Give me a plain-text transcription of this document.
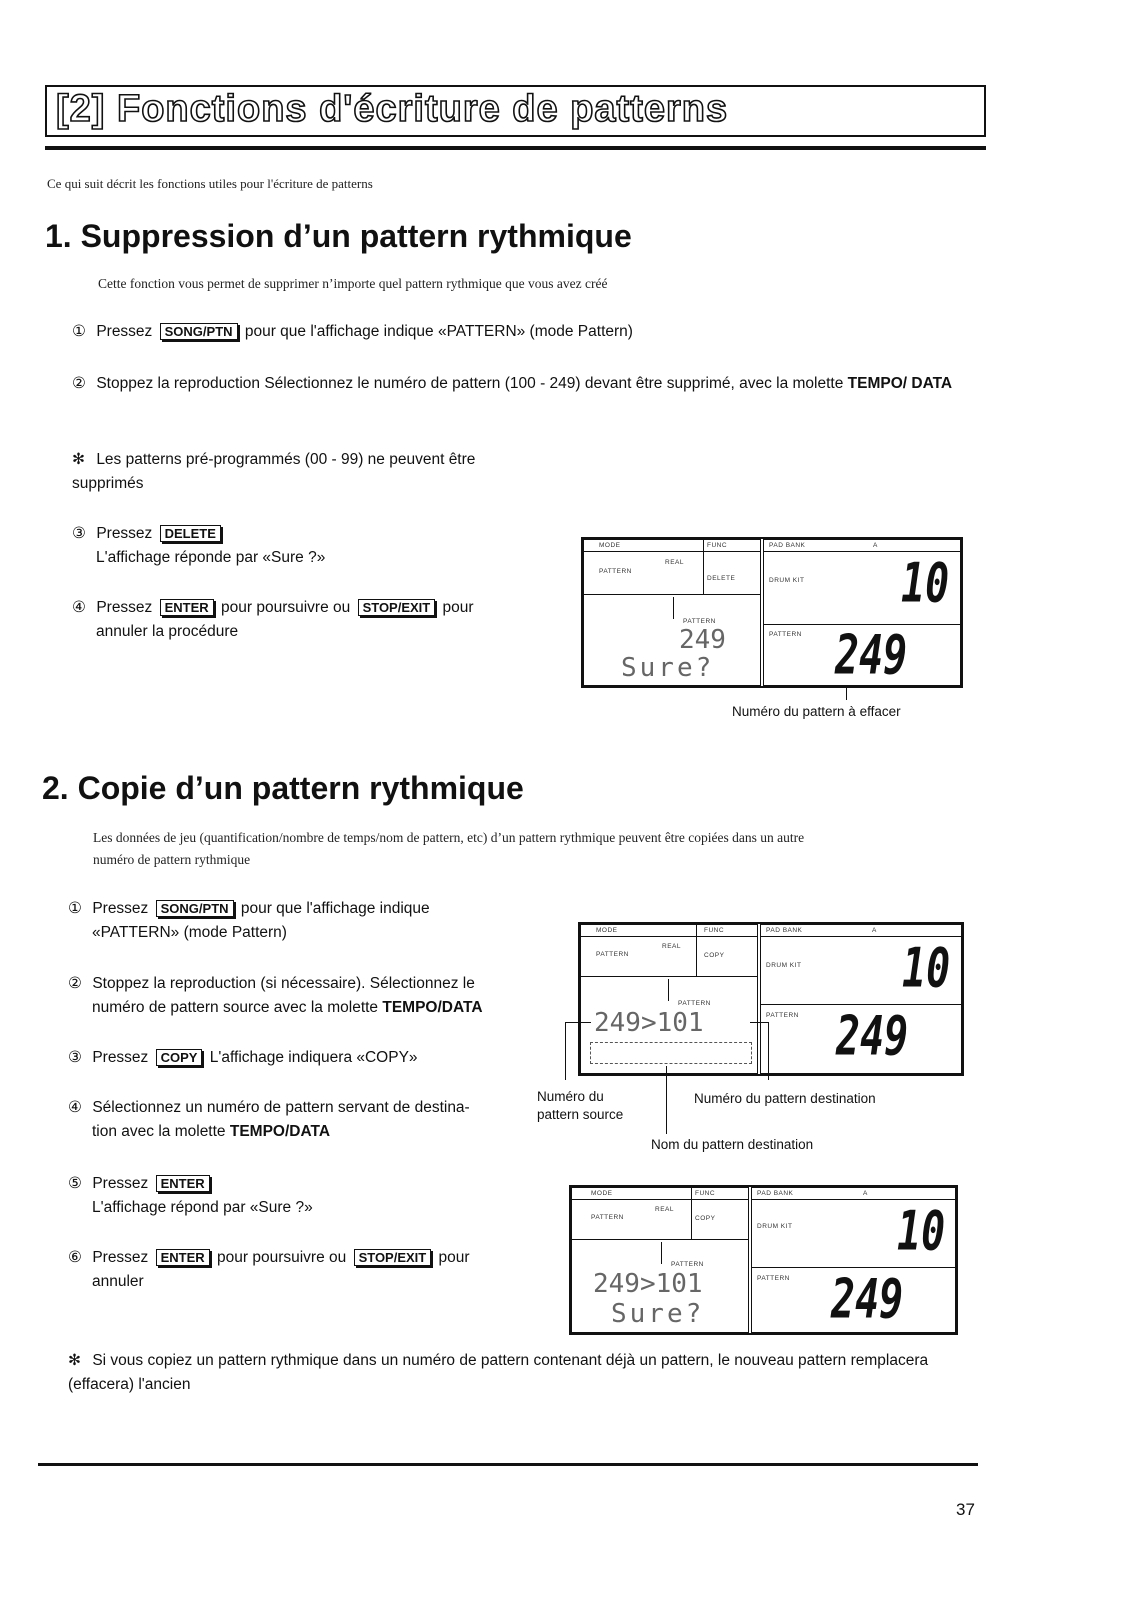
[2] Fonctions d'écriture de patterns
Ce qui suit décrit les fonctions utiles pour l'écriture de patterns
1. Suppression d’un pattern rythmique
Cette fonction vous permet de supprimer n’importe quel pattern rythmique que vous avez créé
① Pressez SONG/PTN pour que l'affichage indique «PATTERN» (mode Pattern)
② Stoppez la reproduction Sélectionnez le numéro de pattern (100 - 249) devant être supprimé, avec la molette TEMPO/ DATA
✻ Les patterns pré-programmés (00 - 99) ne peuvent être supprimés
③ Pressez DELETE
L'affichage réponde par «Sure ?»
④ Pressez ENTER pour poursuivre ou STOP/EXIT pour
annuler la procédure
MODE	FUNC
REAL
PATTERN
DELETE
PATTERN
249
Sure?
PAD BANK	A
DRUM KIT 10
PATTERN 249
Numéro du pattern à effacer
2. Copie d’un pattern rythmique
Les données de jeu (quantification/nombre de temps/nom de pattern, etc) d’un pattern rythmique peuvent être copiées dans un autre
numéro de pattern rythmique
① Pressez SONG/PTN pour que l'affichage indique
«PATTERN» (mode Pattern)
② Stoppez la reproduction (si nécessaire). Sélectionnez le
numéro de pattern source avec la molette TEMPO/DATA
③ Pressez COPY L'affichage indiquera «COPY»
④ Sélectionnez un numéro de pattern servant de destina-
tion avec la molette TEMPO/DATA
⑤ Pressez ENTER
L'affichage répond par «Sure ?»
⑥ Pressez ENTER pour poursuivre ou STOP/EXIT pour
annuler
MODE	FUNC
REAL
PATTERN	COPY
PATTERN
249>101
PAD BANK	A
DRUM KIT	10
PATTERN 249
Numéro du pattern source
Numéro du pattern destination
Nom du pattern destination
MODE	FUNC
REAL
PATTERN	COPY
PATTERN
249>101
Sure?
PAD BANK	A
DRUM KIT	10
PATTERN 249
✻ Si vous copiez un pattern rythmique dans un numéro de pattern contenant déjà un pattern, le nouveau pattern remplacera (effacera) l'ancien
37
